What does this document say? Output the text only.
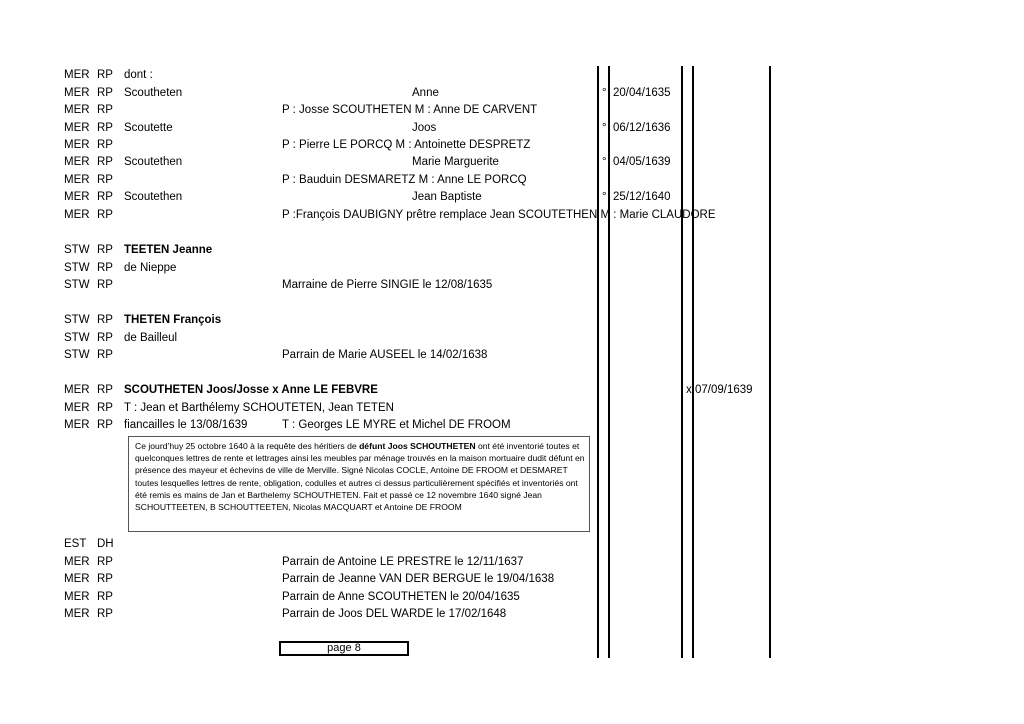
MER RP dont :
MER RP Scoutheten	Anne	° 20/04/1635
MER RP	P : Josse SCOUTHETEN M : Anne DE CARVENT
MER RP Scoutette	Joos	° 06/12/1636
MER RP	P : Pierre LE PORCQ M : Antoinette DESPRETZ
MER RP Scoutethen	Marie Marguerite	° 04/05/1639
MER RP	P : Bauduin DESMARETZ M : Anne LE PORCQ
MER RP Scoutethen	Jean Baptiste	° 25/12/1640
MER RP	P :François DAUBIGNY prêtre remplace Jean SCOUTETHEN M : Marie CLAUDORE
STW RP TEETEN Jeanne
STW RP de Nieppe
STW RP	Marraine de Pierre SINGIE le 12/08/1635
STW RP THETEN François
STW RP de Bailleul
STW RP	Parrain de Marie AUSEEL le 14/02/1638
MER RP SCOUTHETEN Joos/Josse x Anne LE FEBVRE	x 07/09/1639
MER RP T : Jean et Barthélemy SCHOUTETEN, Jean TETEN
MER RP fiancailles le 13/08/1639	T : Georges LE MYRE et Michel DE FROOM
Ce jourd’huy 25 octobre 1640 à la requête des héritiers de défunt Joos SCHOUTHETEN ont été inventorié toutes et quelconques lettres de rente et lettrages ainsi les meubles par ménage trouvés en la maison mortuaire dudit défunt en présence des mayeur et échevins de ville de Merville. Signé Nicolas COCLE, Antoine DE FROOM et DESMARET toutes lesquelles lettres de rente, obligation, codulles et autres ci dessus particulièrement spécifiés et inventoriés ont été remis es mains de Jan et Barthelemy SCHOUTHETEN. Fait et passé ce 12 novembre 1640 signé Jean SCHOUTTEETEN, B SCHOUTTEETEN, Nicolas MACQUART et Antoine DE FROOM
EST DH
MER RP	Parrain de Antoine LE PRESTRE le 12/11/1637
MER RP	Parrain de Jeanne VAN DER BERGUE le 19/04/1638
MER RP	Parrain de Anne SCOUTHETEN le 20/04/1635
MER RP	Parrain de Joos DEL WARDE le 17/02/1648
page 8
